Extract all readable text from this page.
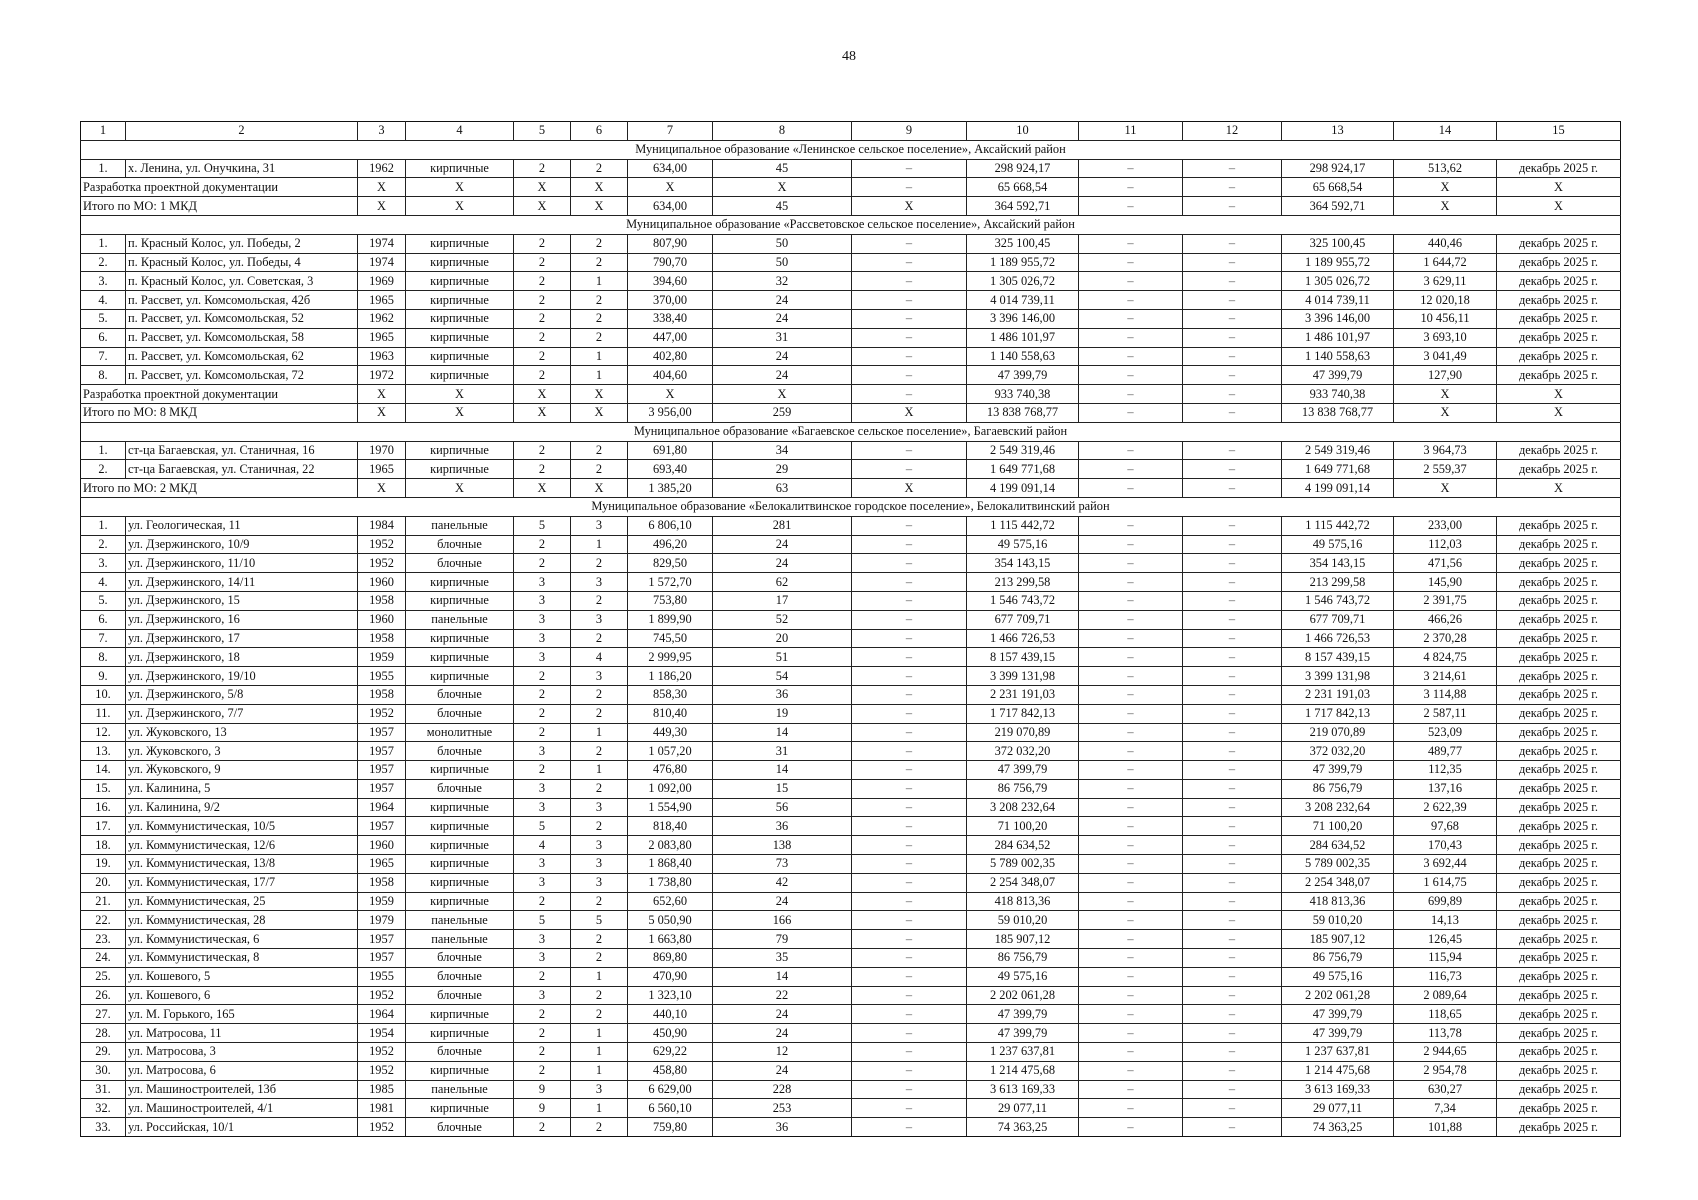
48
1	2	3	4	5	6	7	8	9	10	11	12	13	14	15
Муниципальное образование «Ленинское сельское поселение», Аксайский район														
1.	х. Ленина, ул. Онучкина, 31	1962	кирпичные	2	2	634,00	45	–	298 924,17	–	–	298 924,17	513,62	декабрь 2025 г.
Разработка проектной документации		X	X	X	X	X	X	–	65 668,54	–	–	65 668,54	X	X
Итого по МО: 1 МКД		X	X	X	X	634,00	45	X	364 592,71	–	–	364 592,71	X	X
Муниципальное образование «Рассветовское сельское поселение», Аксайский район														
1.	п. Красный Колос, ул. Победы, 2	1974	кирпичные	2	2	807,90	50	–	325 100,45	–	–	325 100,45	440,46	декабрь 2025 г.
2.	п. Красный Колос, ул. Победы, 4	1974	кирпичные	2	2	790,70	50	–	1 189 955,72	–	–	1 189 955,72	1 644,72	декабрь 2025 г.
3.	п. Красный Колос, ул. Советская, 3	1969	кирпичные	2	1	394,60	32	–	1 305 026,72	–	–	1 305 026,72	3 629,11	декабрь 2025 г.
4.	п. Рассвет, ул. Комсомольская, 42б	1965	кирпичные	2	2	370,00	24	–	4 014 739,11	–	–	4 014 739,11	12 020,18	декабрь 2025 г.
5.	п. Рассвет, ул. Комсомольская, 52	1962	кирпичные	2	2	338,40	24	–	3 396 146,00	–	–	3 396 146,00	10 456,11	декабрь 2025 г.
6.	п. Рассвет, ул. Комсомольская, 58	1965	кирпичные	2	2	447,00	31	–	1 486 101,97	–	–	1 486 101,97	3 693,10	декабрь 2025 г.
7.	п. Рассвет, ул. Комсомольская, 62	1963	кирпичные	2	1	402,80	24	–	1 140 558,63	–	–	1 140 558,63	3 041,49	декабрь 2025 г.
8.	п. Рассвет, ул. Комсомольская, 72	1972	кирпичные	2	1	404,60	24	–	47 399,79	–	–	47 399,79	127,90	декабрь 2025 г.
Разработка проектной документации		X	X	X	X	X	X	–	933 740,38	–	–	933 740,38	X	X
Итого по МО: 8 МКД		X	X	X	X	3 956,00	259	X	13 838 768,77	–	–	13 838 768,77	X	X
Муниципальное образование «Багаевское сельское поселение», Багаевский район														
1.	ст-ца Багаевская, ул. Станичная, 16	1970	кирпичные	2	2	691,80	34	–	2 549 319,46	–	–	2 549 319,46	3 964,73	декабрь 2025 г.
2.	ст-ца Багаевская, ул. Станичная, 22	1965	кирпичные	2	2	693,40	29	–	1 649 771,68	–	–	1 649 771,68	2 559,37	декабрь 2025 г.
Итого по МО: 2 МКД		X	X	X	X	1 385,20	63	X	4 199 091,14	–	–	4 199 091,14	X	X
Муниципальное образование «Белокалитвинское городское поселение», Белокалитвинский район														
1.	ул. Геологическая, 11	1984	панельные	5	3	6 806,10	281	–	1 115 442,72	–	–	1 115 442,72	233,00	декабрь 2025 г.
2.	ул. Дзержинского, 10/9	1952	блочные	2	1	496,20	24	–	49 575,16	–	–	49 575,16	112,03	декабрь 2025 г.
3.	ул. Дзержинского, 11/10	1952	блочные	2	2	829,50	24	–	354 143,15	–	–	354 143,15	471,56	декабрь 2025 г.
4.	ул. Дзержинского, 14/11	1960	кирпичные	3	3	1 572,70	62	–	213 299,58	–	–	213 299,58	145,90	декабрь 2025 г.
5.	ул. Дзержинского, 15	1958	кирпичные	3	2	753,80	17	–	1 546 743,72	–	–	1 546 743,72	2 391,75	декабрь 2025 г.
6.	ул. Дзержинского, 16	1960	панельные	3	3	1 899,90	52	–	677 709,71	–	–	677 709,71	466,26	декабрь 2025 г.
7.	ул. Дзержинского, 17	1958	кирпичные	3	2	745,50	20	–	1 466 726,53	–	–	1 466 726,53	2 370,28	декабрь 2025 г.
8.	ул. Дзержинского, 18	1959	кирпичные	3	4	2 999,95	51	–	8 157 439,15	–	–	8 157 439,15	4 824,75	декабрь 2025 г.
9.	ул. Дзержинского, 19/10	1955	кирпичные	2	3	1 186,20	54	–	3 399 131,98	–	–	3 399 131,98	3 214,61	декабрь 2025 г.
10.	ул. Дзержинского, 5/8	1958	блочные	2	2	858,30	36	–	2 231 191,03	–	–	2 231 191,03	3 114,88	декабрь 2025 г.
11.	ул. Дзержинского, 7/7	1952	блочные	2	2	810,40	19	–	1 717 842,13	–	–	1 717 842,13	2 587,11	декабрь 2025 г.
12.	ул. Жуковского, 13	1957	монолитные	2	1	449,30	14	–	219 070,89	–	–	219 070,89	523,09	декабрь 2025 г.
13.	ул. Жуковского, 3	1957	блочные	3	2	1 057,20	31	–	372 032,20	–	–	372 032,20	489,77	декабрь 2025 г.
14.	ул. Жуковского, 9	1957	кирпичные	2	1	476,80	14	–	47 399,79	–	–	47 399,79	112,35	декабрь 2025 г.
15.	ул. Калинина, 5	1957	блочные	3	2	1 092,00	15	–	86 756,79	–	–	86 756,79	137,16	декабрь 2025 г.
16.	ул. Калинина, 9/2	1964	кирпичные	3	3	1 554,90	56	–	3 208 232,64	–	–	3 208 232,64	2 622,39	декабрь 2025 г.
17.	ул. Коммунистическая, 10/5	1957	кирпичные	5	2	818,40	36	–	71 100,20	–	–	71 100,20	97,68	декабрь 2025 г.
18.	ул. Коммунистическая, 12/6	1960	кирпичные	4	3	2 083,80	138	–	284 634,52	–	–	284 634,52	170,43	декабрь 2025 г.
19.	ул. Коммунистическая, 13/8	1965	кирпичные	3	3	1 868,40	73	–	5 789 002,35	–	–	5 789 002,35	3 692,44	декабрь 2025 г.
20.	ул. Коммунистическая, 17/7	1958	кирпичные	3	3	1 738,80	42	–	2 254 348,07	–	–	2 254 348,07	1 614,75	декабрь 2025 г.
21.	ул. Коммунистическая, 25	1959	кирпичные	2	2	652,60	24	–	418 813,36	–	–	418 813,36	699,89	декабрь 2025 г.
22.	ул. Коммунистическая, 28	1979	панельные	5	5	5 050,90	166	–	59 010,20	–	–	59 010,20	14,13	декабрь 2025 г.
23.	ул. Коммунистическая, 6	1957	панельные	3	2	1 663,80	79	–	185 907,12	–	–	185 907,12	126,45	декабрь 2025 г.
24.	ул. Коммунистическая, 8	1957	блочные	3	2	869,80	35	–	86 756,79	–	–	86 756,79	115,94	декабрь 2025 г.
25.	ул. Кошевого, 5	1955	блочные	2	1	470,90	14	–	49 575,16	–	–	49 575,16	116,73	декабрь 2025 г.
26.	ул. Кошевого, 6	1952	блочные	3	2	1 323,10	22	–	2 202 061,28	–	–	2 202 061,28	2 089,64	декабрь 2025 г.
27.	ул. М. Горького, 165	1964	кирпичные	2	2	440,10	24	–	47 399,79	–	–	47 399,79	118,65	декабрь 2025 г.
28.	ул. Матросова, 11	1954	кирпичные	2	1	450,90	24	–	47 399,79	–	–	47 399,79	113,78	декабрь 2025 г.
29.	ул. Матросова, 3	1952	блочные	2	1	629,22	12	–	1 237 637,81	–	–	1 237 637,81	2 944,65	декабрь 2025 г.
30.	ул. Матросова, 6	1952	кирпичные	2	1	458,80	24	–	1 214 475,68	–	–	1 214 475,68	2 954,78	декабрь 2025 г.
31.	ул. Машиностроителей, 13б	1985	панельные	9	3	6 629,00	228	–	3 613 169,33	–	–	3 613 169,33	630,27	декабрь 2025 г.
32.	ул. Машиностроителей, 4/1	1981	кирпичные	9	1	6 560,10	253	–	29 077,11	–	–	29 077,11	7,34	декабрь 2025 г.
33.	ул. Российская, 10/1	1952	блочные	2	2	759,80	36	–	74 363,25	–	–	74 363,25	101,88	декабрь 2025 г.
